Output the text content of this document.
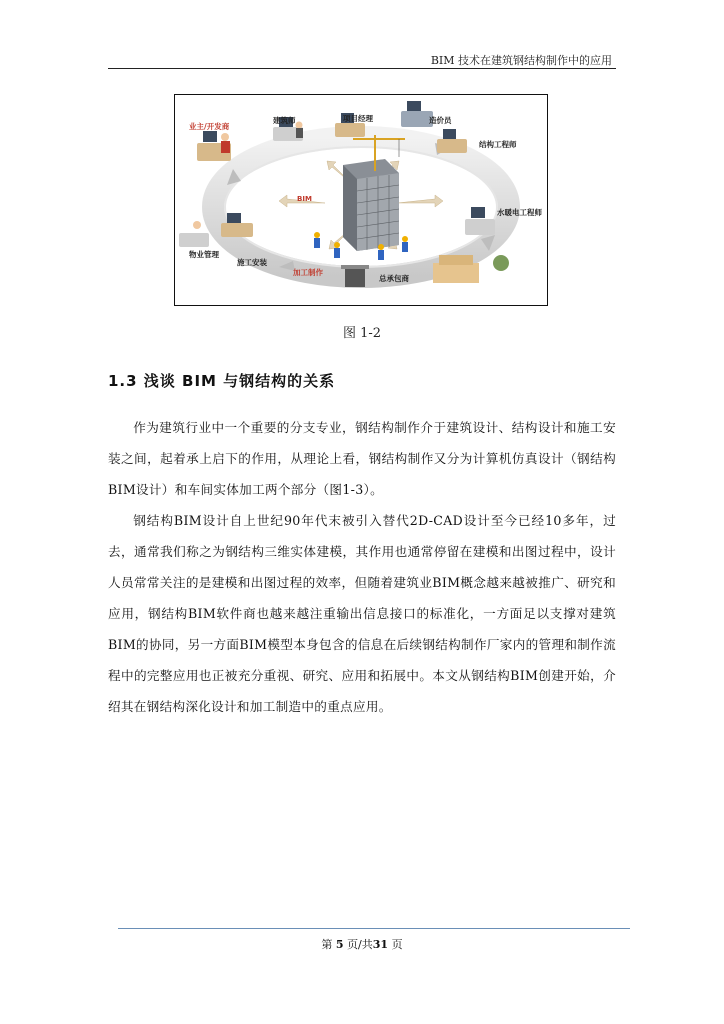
BIM 技术在建筑钢结构制作中的应用
业主/开发商
建筑师	项目经理	造价员
结构工程师
水暖电工程师
总承包商
加工制作
施工安装
物业管理
BIM
图 1-2
1.3 浅谈 BIM 与钢结构的关系

作为建筑行业中一个重要的分支专业，钢结构制作介于建筑设计、结构设计和施工安装之间，起着承上启下的作用，从理论上看，钢结构制作又分为计算机仿真设计（钢结构BIM设计）和车间实体加工两个部分（图1-3）。

钢结构BIM设计自上世纪90年代末被引入替代2D-CAD设计至今已经10多年，过去，通常我们称之为钢结构三维实体建模，其作用也通常停留在建模和出图过程中，设计人员常常关注的是建模和出图过程的效率，但随着建筑业BIM概念越来越被推广、研究和应用，钢结构BIM软件商也越来越注重输出信息接口的标准化，一方面足以支撑对建筑BIM的协同，另一方面BIM模型本身包含的信息在后续钢结构制作厂家内的管理和制作流程中的完整应用也正被充分重视、研究、应用和拓展中。本文从钢结构BIM创建开始，介绍其在钢结构深化设计和加工制造中的重点应用。

第 5 页/共31 页
